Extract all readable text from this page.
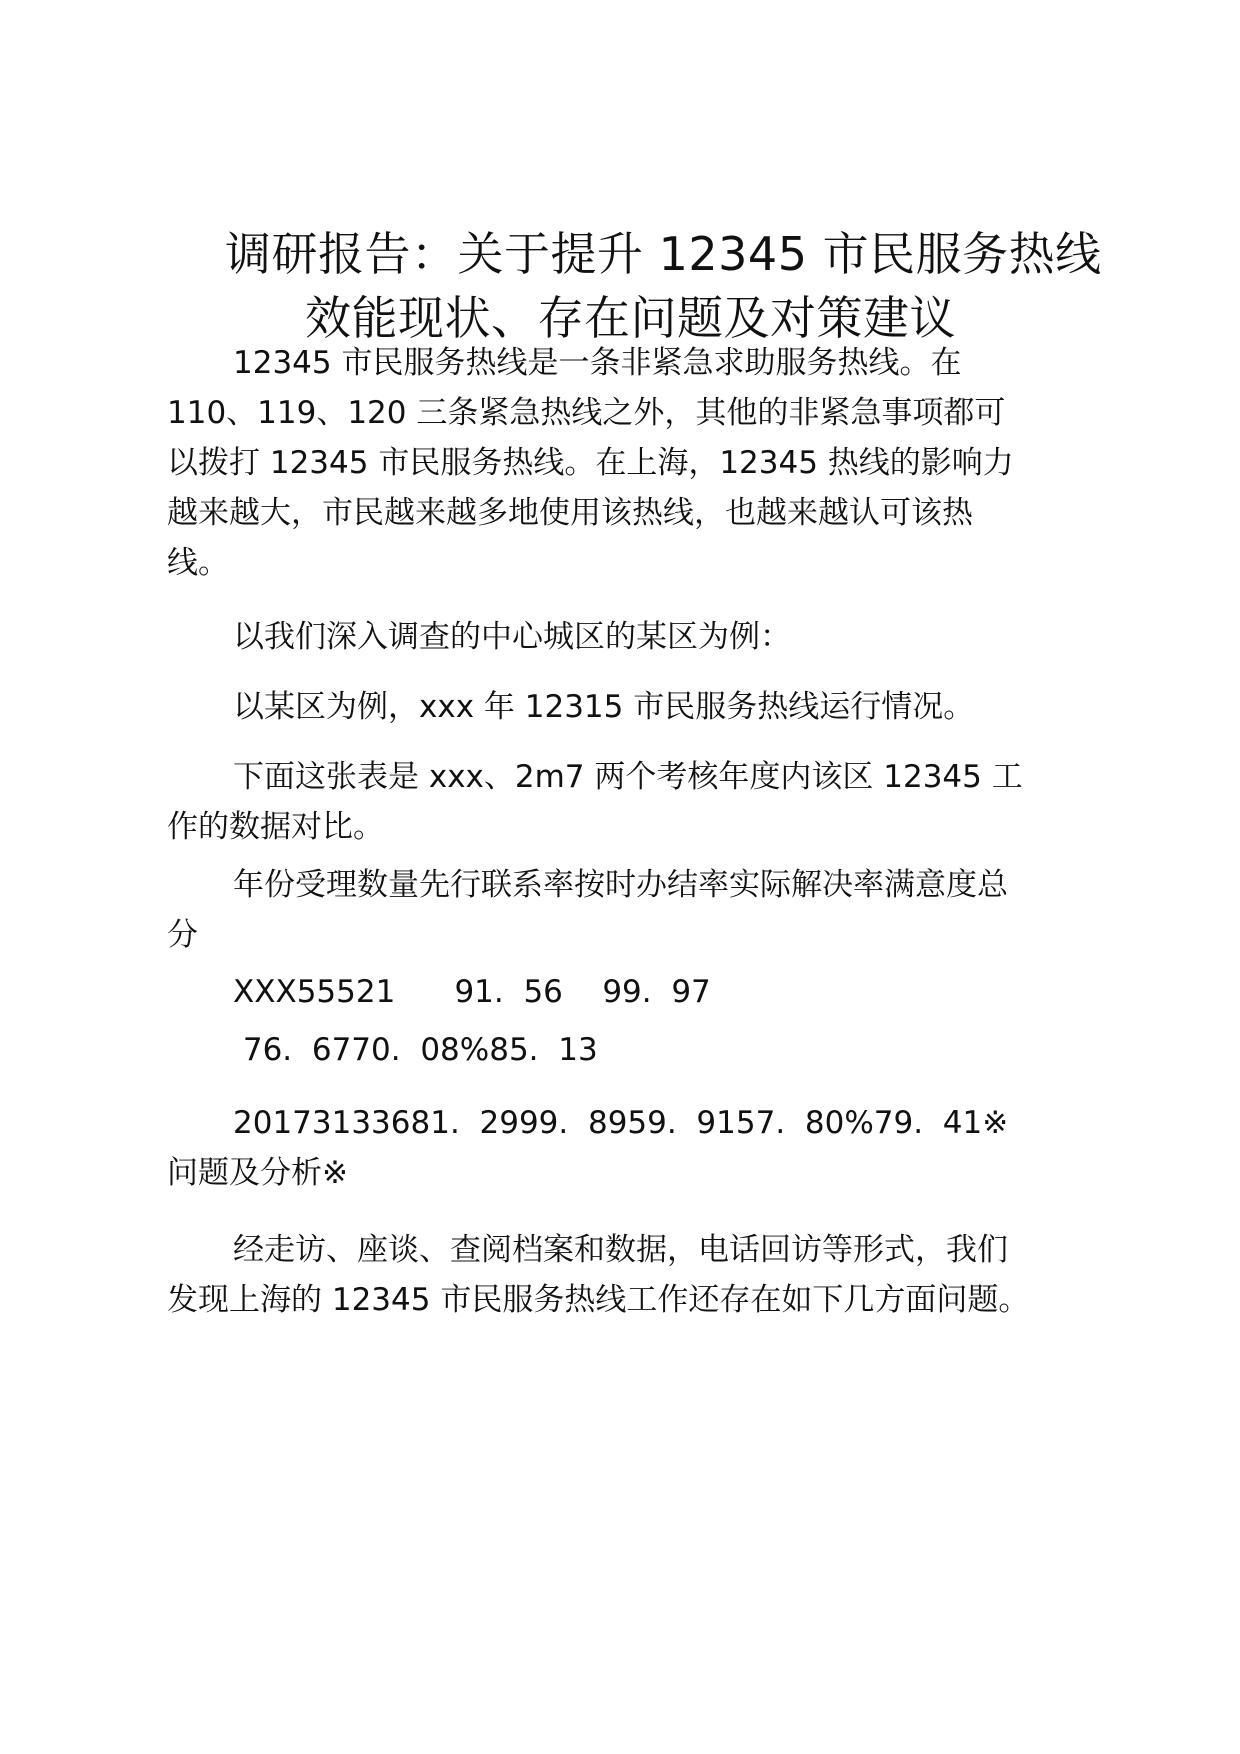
调研报告：关于提升 12345 市民服务热线
效能现状、存在问题及对策建议

12345 市民服务热线是一条非紧急求助服务热线。在
110、119、120 三条紧急热线之外，其他的非紧急事项都可
以拨打 12345 市民服务热线。在上海，12345 热线的影响力
越来越大，市民越来越多地使用该热线，也越来越认可该热
线。

以我们深入调查的中心城区的某区为例：

以某区为例，xxx 年 12315 市民服务热线运行情况。

下面这张表是 xxx、2m7 两个考核年度内该区 12345 工
作的数据对比。

年份受理数量先行联系率按时办结率实际解决率满意度总
分

XXX55521      91.  56    99.  97

76.  6770.  08%85.  13

20173133681.  2999.  8959.  9157.  80%79.  41※
问题及分析※

经走访、座谈、查阅档案和数据，电话回访等形式，我们
发现上海的 12345 市民服务热线工作还存在如下几方面问题。
